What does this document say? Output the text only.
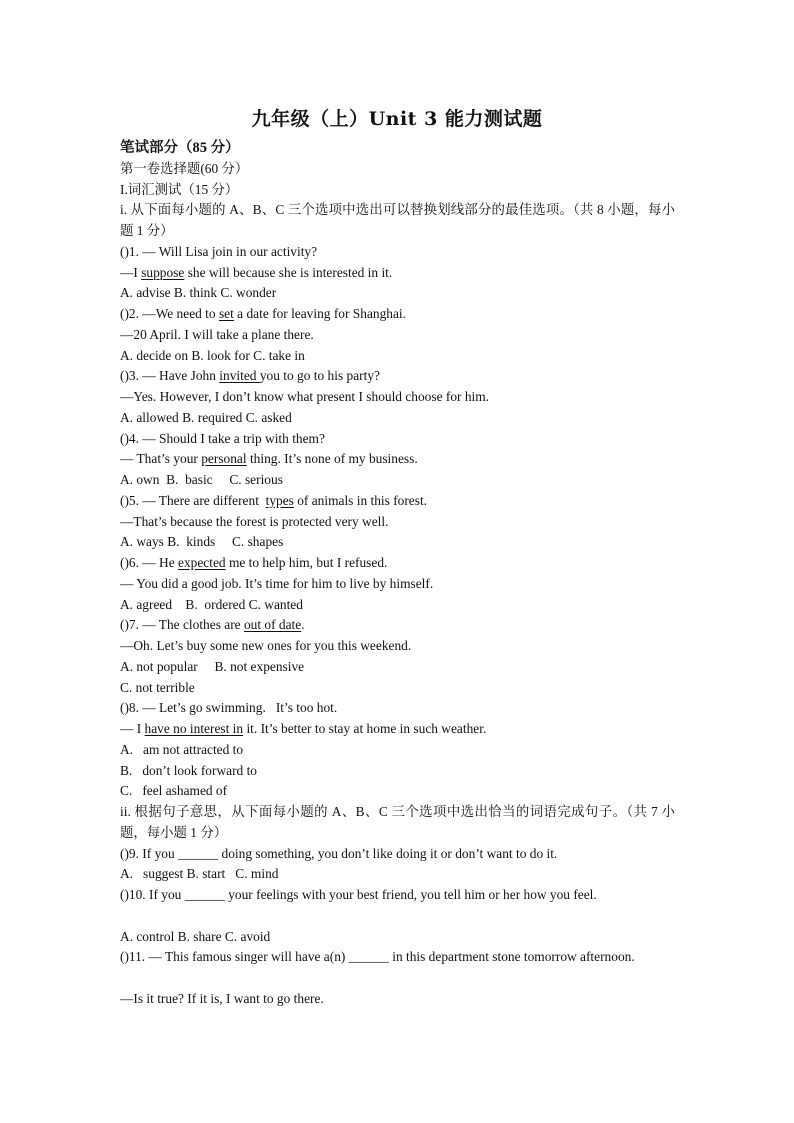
九年级（上）Unit 3 能力测试题
笔试部分（85 分）
第一卷选择题(60 分）
I.词汇测试（15 分）
i. 从下面每小题的 A、B、C 三个选项中选出可以替换划线部分的最佳选项。（共 8 小题，每小题 1 分）
()1. — Will Lisa join in our activity?
—I suppose she will because she is interested in it.
A. advise B. think C. wonder
()2. —We need to set a date for leaving for Shanghai.
—20 April. I will take a plane there.
A. decide on B. look for C. take in
()3. — Have John invited you to go to his party?
—Yes. However, I don’t know what present I should choose for him.
A. allowed B. required C. asked
()4. — Should I take a trip with them?
— That’s your personal thing. It’s none of my business.
A. own  B.  basic     C. serious
()5. — There are different  types of animals in this forest.
—That’s because the forest is protected very well.
A. ways B.  kinds     C. shapes
()6. — He expected me to help him, but I refused.
— You did a good job. It’s time for him to live by himself.
A. agreed    B.  ordered C. wanted
()7. — The clothes are out of date.
—Oh. Let’s buy some new ones for you this weekend.
A. not popular     B. not expensive
C. not terrible
()8. — Let’s go swimming.   It’s too hot.
— I have no interest in it. It’s better to stay at home in such weather.
A.   am not attracted to
B.   don’t look forward to
C.   feel ashamed of
ii. 根据句子意思，从下面每小题的 A、B、C 三个选项中选出恰当的词语完成句子。（共 7 小题，每小题 1 分）
()9. If you ______ doing something, you don’t like doing it or don’t want to do it.
A.   suggest B. start   C. mind
()10. If you ______ your feelings with your best friend, you tell him or her how you feel.
A. control B. share C. avoid
()11. — This famous singer will have a(n) ______ in this department stone tomorrow afternoon.
—Is it true? If it is, I want to go there.
